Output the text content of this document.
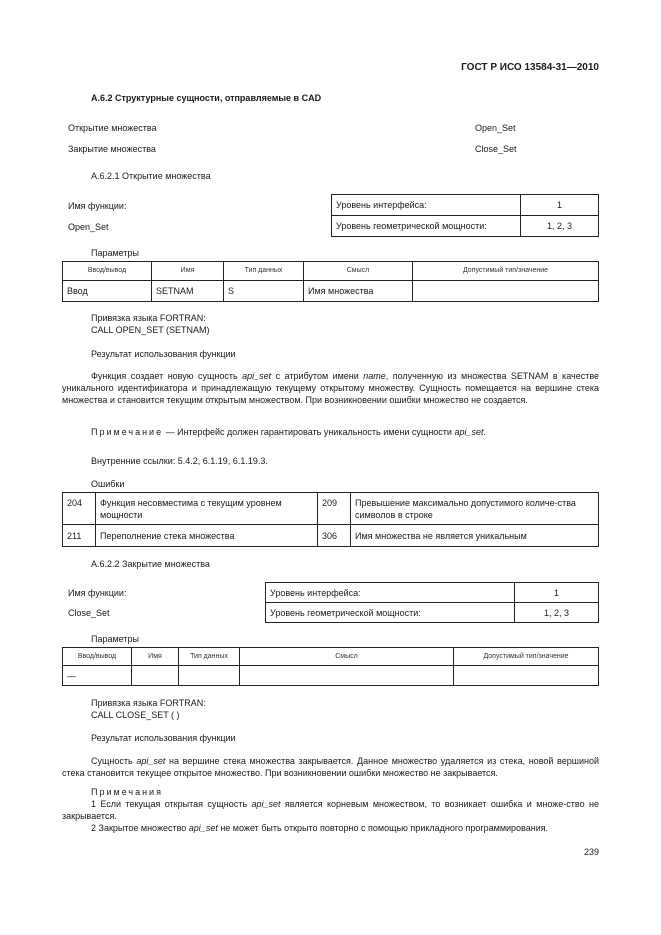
ГОСТ Р ИСО 13584-31—2010
A.6.2 Структурные сущности, отправляемые в CAD
Открытие множества	Open_Set
Закрытие множества	Close_Set
A.6.2.1 Открытие множества
Имя функции:
Open_Set
Уровень интерфейса:	1
Уровень геометрической мощности:	1, 2, 3
Параметры
Ввод/вывод	Имя	Тип данных	Смысл	Допустимый тип/значение
Ввод	SETNAM	S	Имя множества	
Привязка языка FORTRAN:
CALL OPEN_SET (SETNAM)
Результат использования функции
Функция создает новую сущность api_set с атрибутом имени name, полученную из множества SETNAM в качестве уникального идентификатора и принадлежащую текущему открытому множеству. Сущность помещается на вершине стека множества и становится текущим открытым множеством. При возникновении ошибки множество не создается.
Примечание — Интерфейс должен гарантировать уникальность имени сущности api_set.
Внутренние ссылки: 5.4.2, 6.1.19, 6.1.19.3.
Ошибки
204	Функция несовместима с текущим уровнем мощности	209	Превышение максимально допустимого количе-ства символов в строке
211	Переполнение стека множества	306	Имя множества не является уникальным
A.6.2.2 Закрытие множества
Имя функции:
Close_Set
Уровень интерфейса:	1
Уровень геометрической мощности:	1, 2, 3
Параметры
Ввод/вывод	Имя	Тип данных	Смысл	Допустимый тип/значение
—				
Привязка языка FORTRAN:
CALL CLOSE_SET ( )
Результат использования функции
Сущность api_set на вершине стека множества закрывается. Данное множество удаляется из стека, новой вершиной стека становится текущее открытое множество. При возникновении ошибки множество не закрывается.
Примечания
1 Если текущая открытая сущность api_set является корневым множеством, то возникает ошибка и множе-ство не закрывается.
2 Закрытое множество api_set не может быть открыто повторно с помощью прикладного программирования.
239
